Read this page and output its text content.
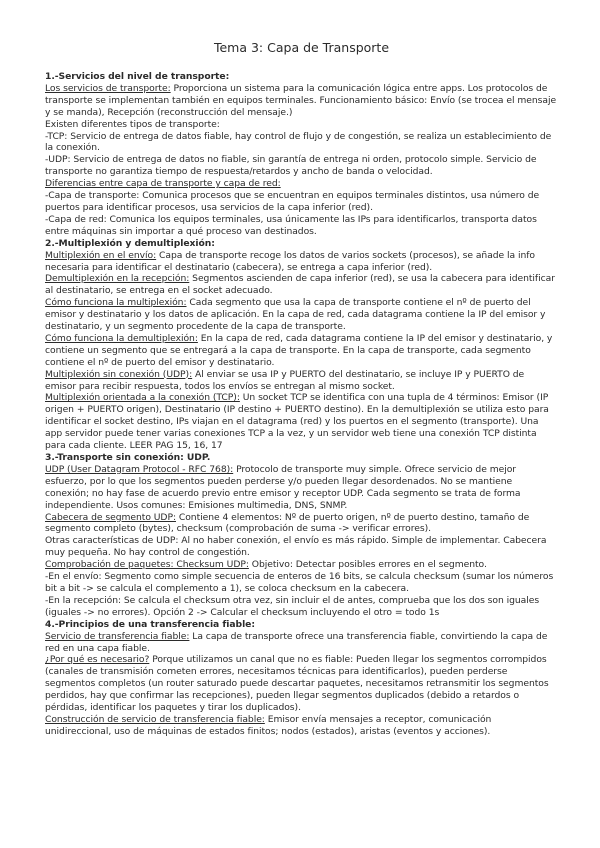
Tema 3: Capa de Transporte

1.-Servicios del nivel de transporte:

Los servicios de transporte: Proporciona un sistema para la comunicación lógica entre apps. Los protocolos de transporte se implementan también en equipos terminales. Funcionamiento básico: Envío (se trocea el mensaje y se manda), Recepción (reconstrucción del mensaje.)

Existen diferentes tipos de transporte:

-TCP: Servicio de entrega de datos fiable, hay control de flujo y de congestión, se realiza un establecimiento de la conexión.

-UDP: Servicio de entrega de datos no fiable, sin garantía de entrega ni orden, protocolo simple. Servicio de transporte no garantiza tiempo de respuesta/retardos y ancho de banda o velocidad.

Diferencias entre capa de transporte y capa de red:

-Capa de transporte: Comunica procesos que se encuentran en equipos terminales distintos, usa número de puertos para identificar procesos, usa servicios de la capa inferior (red).

-Capa de red: Comunica los equipos terminales, usa únicamente las IPs para identificarlos, transporta datos entre máquinas sin importar a qué proceso van destinados.

2.-Multiplexión y demultiplexión:

Multiplexión en el envío: Capa de transporte recoge los datos de varios sockets (procesos), se añade la info necesaria para identificar el destinatario (cabecera), se entrega a capa inferior (red).

Demultiplexión en la recepción: Segmentos ascienden de capa inferior (red), se usa la cabecera para identificar al destinatario, se entrega en el socket adecuado.

Cómo funciona la multiplexión: Cada segmento que usa la capa de transporte contiene el nº de puerto del emisor y destinatario y los datos de aplicación. En la capa de red, cada datagrama contiene la IP del emisor y destinatario, y un segmento procedente de la capa de transporte.

Cómo funciona la demultiplexión: En la capa de red, cada datagrama contiene la IP del emisor y destinatario, y contiene un segmento que se entregará a la capa de transporte. En la capa de transporte, cada segmento contiene el nº de puerto del emisor y destinatario.

Multiplexión sin conexión (UDP): Al enviar se usa IP y PUERTO del destinatario, se incluye IP y PUERTO de emisor para recibir respuesta, todos los envíos se entregan al mismo socket.

Multiplexión orientada a la conexión (TCP): Un socket TCP se identifica con una tupla de 4 términos: Emisor (IP origen + PUERTO origen), Destinatario (IP destino + PUERTO destino). En la demultiplexión se utiliza esto para identificar el socket destino, IPs viajan en el datagrama (red) y los puertos en el segmento (transporte). Una app servidor puede tener varias conexiones TCP a la vez, y un servidor web tiene una conexión TCP distinta para cada cliente. LEER PAG 15, 16, 17

3.-Transporte sin conexión: UDP.

UDP (User Datagram Protocol - RFC 768): Protocolo de transporte muy simple. Ofrece servicio de mejor esfuerzo, por lo que los segmentos pueden perderse y/o pueden llegar desordenados. No se mantiene conexión; no hay fase de acuerdo previo entre emisor y receptor UDP. Cada segmento se trata de forma independiente. Usos comunes: Emisiones multimedia, DNS, SNMP.

Cabecera de segmento UDP: Contiene 4 elementos: Nº de puerto origen, nº de puerto destino, tamaño de segmento completo (bytes), checksum (comprobación de suma -> verificar errores).

Otras características de UDP: Al no haber conexión, el envío es más rápido. Simple de implementar. Cabecera muy pequeña. No hay control de congestión.

Comprobación de paquetes: Checksum UDP: Objetivo: Detectar posibles errores en el segmento.

-En el envío: Segmento como simple secuencia de enteros de 16 bits, se calcula checksum (sumar los números bit a bit -> se calcula el complemento a 1), se coloca checksum en la cabecera.

-En la recepción: Se calcula el checksum otra vez, sin incluir el de antes, comprueba que los dos son iguales (iguales -> no errores). Opción 2 -> Calcular el checksum incluyendo el otro = todo 1s

4.-Principios de una transferencia fiable:

Servicio de transferencia fiable: La capa de transporte ofrece una transferencia fiable, convirtiendo la capa de red en una capa fiable.

¿Por qué es necesario? Porque utilizamos un canal que no es fiable: Pueden llegar los segmentos corrompidos (canales de transmisión cometen errores, necesitamos técnicas para identificarlos), pueden perderse segmentos completos (un router saturado puede descartar paquetes, necesitamos retransmitir los segmentos perdidos, hay que confirmar las recepciones), pueden llegar segmentos duplicados (debido a retardos o pérdidas, identificar los paquetes y tirar los duplicados).

Construcción de servicio de transferencia fiable: Emisor envía mensajes a receptor, comunicación unidireccional, uso de máquinas de estados finitos; nodos (estados), aristas (eventos y acciones).
